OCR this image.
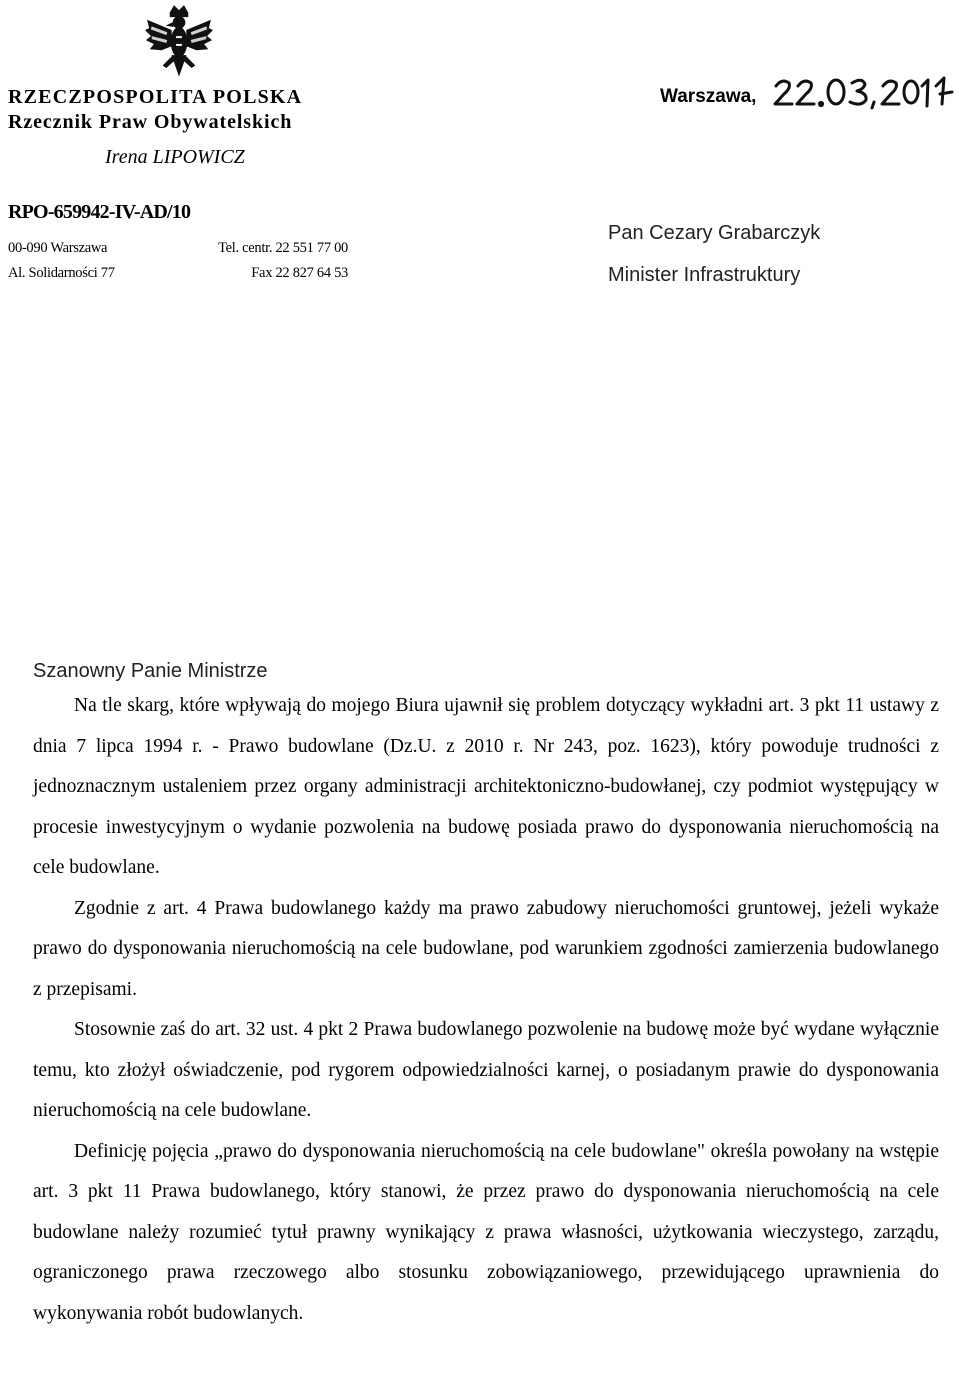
RZECZPOSPOLITA POLSKA
Rzecznik Praw Obywatelskich
Irena LIPOWICZ
RPO-659942-IV-AD/10
00-090 Warszawa
Al. Solidarności 77
Tel. centr. 22 551 77 00
Fax 22 827 64 53
Warszawa,
Pan Cezary Grabarczyk
Minister Infrastruktury
Szanowny Panie Ministrze

Na tle skarg, które wpływają do mojego Biura ujawnił się problem dotyczący wykładni art. 3 pkt 11 ustawy z dnia 7 lipca 1994 r. - Prawo budowlane (Dz.U. z 2010 r. Nr 243, poz. 1623), który powoduje trudności z jednoznacznym ustaleniem przez organy administracji architektoniczno-budowłanej, czy podmiot występujący w procesie inwestycyjnym o wydanie pozwolenia na budowę posiada prawo do dysponowania nieruchomością na cele budowlane.

Zgodnie z art. 4 Prawa budowlanego każdy ma prawo zabudowy nieruchomości gruntowej, jeżeli wykaże prawo do dysponowania nieruchomością na cele budowlane, pod warunkiem zgodności zamierzenia budowlanego z przepisami.

Stosownie zaś do art. 32 ust. 4 pkt 2 Prawa budowlanego pozwolenie na budowę może być wydane wyłącznie temu, kto złożył oświadczenie, pod rygorem odpowiedzialności karnej, o posiadanym prawie do dysponowania nieruchomością na cele budowlane.

Definicję pojęcia „prawo do dysponowania nieruchomością na cele budowlane" określa powołany na wstępie art. 3 pkt 11 Prawa budowlanego, który stanowi, że przez prawo do dysponowania nieruchomością na cele budowlane należy rozumieć tytuł prawny wynikający z prawa własności, użytkowania wieczystego, zarządu, ograniczonego prawa rzeczowego albo stosunku zobowiązaniowego, przewidującego uprawnienia do wykonywania robót budowlanych.
